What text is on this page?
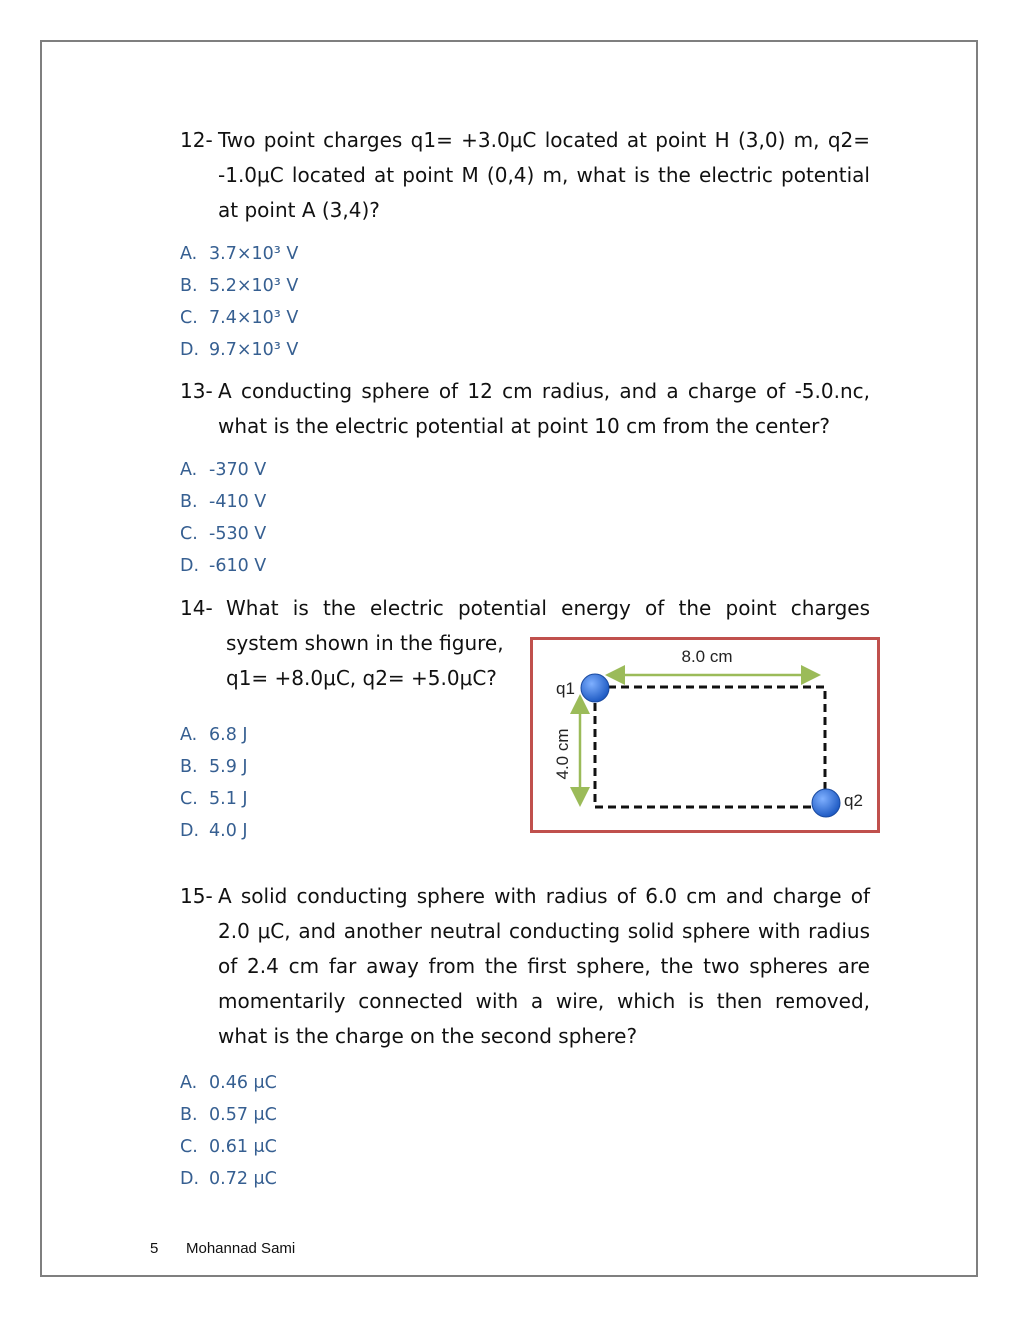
12- Two point charges q1= +3.0μC located at point H (3,0) m, q2= -1.0μC located at point M (0,4) m, what is the electric potential at point A (3,4)?
A. 3.7×10³ V
B. 5.2×10³ V
C. 7.4×10³ V
D. 9.7×10³ V
13- A conducting sphere of 12 cm radius, and a charge of -5.0.nc, what is the electric potential at point 10 cm from the center?
A. -370 V
B. -410 V
C. -530 V
D. -610 V
14- What is the electric potential energy of the point charges system shown in the figure,
q1= +8.0μC, q2= +5.0μC?
A. 6.8 J
B. 5.9 J
C. 5.1 J
D. 4.0 J
8.0 cm
4.0 cm
q1
q2
15- A solid conducting sphere with radius of 6.0 cm and charge of 2.0 μC, and another neutral conducting solid sphere with radius of 2.4 cm far away from the first sphere, the two spheres are momentarily connected with a wire, which is then removed, what is the charge on the second sphere?
A. 0.46 μC
B. 0.57 μC
C. 0.61 μC
D. 0.72 μC
5 Mohannad Sami
